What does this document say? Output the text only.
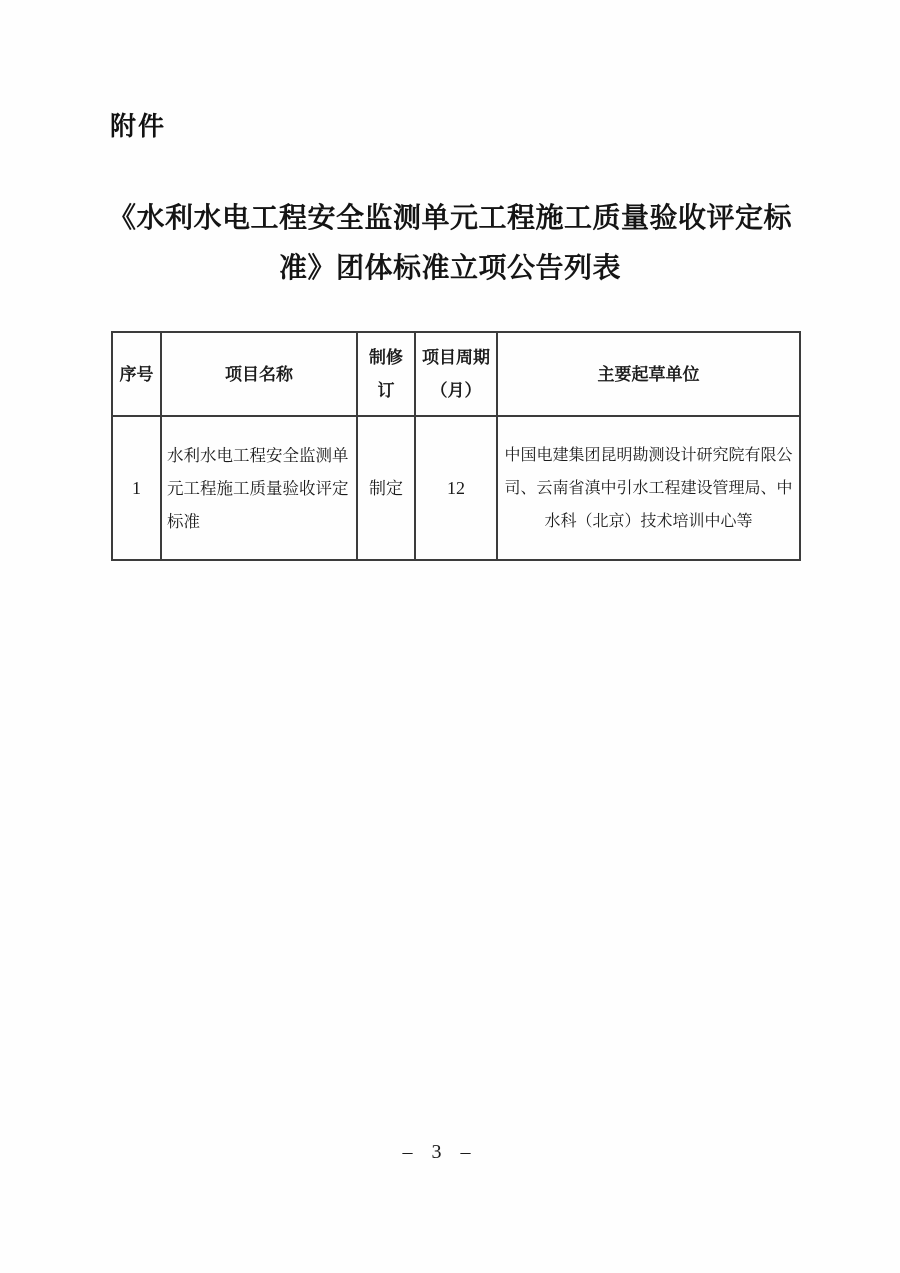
附件
《水利水电工程安全监测单元工程施工质量验收评定标
准》团体标准立项公告列表
序号	项目名称	制修订	项目周期（月）	主要起草单位
1	水利水电工程安全监测单元工程施工质量验收评定标准	制定	12	中国电建集团昆明勘测设计研究院有限公司、云南省滇中引水工程建设管理局、中水科（北京）技术培训中心等
– 3 –
